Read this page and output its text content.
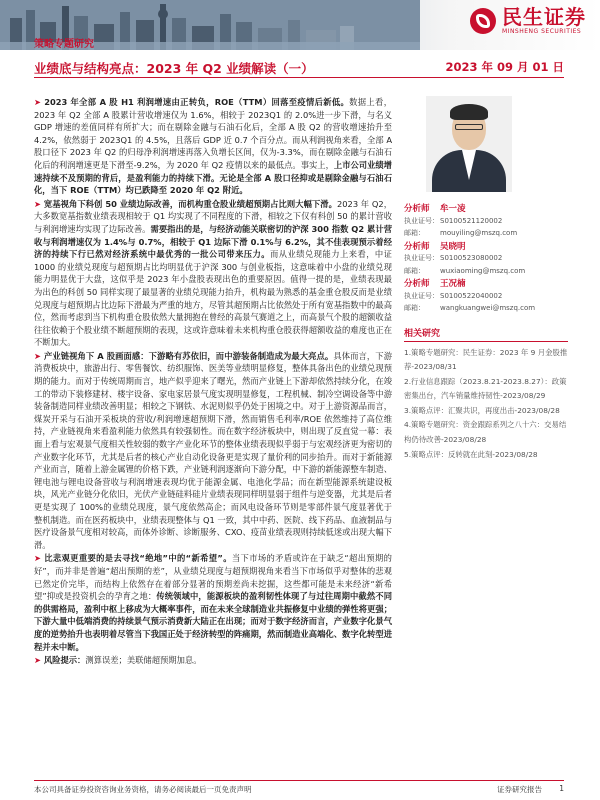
民生证券
MINSHENG SECURITIES
策略专题研究
业绩底与结构亮点：2023 年 Q2 业绩解读（一）	2023 年 09 月 01 日

➤ 2023 年全部 A 股 H1 利润增速由正转负，ROE（TTM）回落至疫情后新低。数据上看，2023 年 Q2 全部 A 股累计营收增速仅为 1.6%，相较于 2023Q1 的 2.0%进一步下滑，与名义 GDP 增速的差值同样有所扩大；而在剔除金融与石油石化后，全部 A 股 Q2 的营收增速抬升至 4.2%，依然弱于 2023Q1 的 4.5%，且落后 GDP 近 0.7 个百分点。而从利润视角来看，全部 A 股口径下 2023 年 Q2 的归母净利润增速再落入负增长区间，仅为-3.3%，而在剔除金融与石油石化后的利润增速更是下滑至-9.2%，为 2020 年 Q2 疫情以来的最低点。事实上，上市公司业绩增速持续不及预期的背后，是盈利能力的持续下滑。无论是全部 A 股口径抑或是剔除金融与石油石化，当下 ROE（TTM）均已跌降至 2020 年 Q2 附近。

➤ 宽基视角下科创 50 业绩边际改善，而机构重仓股业绩超预期占比则大幅下滑。2023 年 Q2，大多数宽基指数业绩表现相较于 Q1 均实现了不同程度的下滑，相较之下仅有科创 50 的累计营收与利润增速均实现了边际改善。需要指出的是，与经济动能关联密切的沪深 300 指数 Q2 累计营收与利润增速仅为 1.4%与 0.7%，相较于 Q1 边际下滑 0.1%与 6.2%，其不佳表现预示着经济的持续下行已然对经济系统中最优秀的一批公司带来压力。而从业绩兑现能力上来看，中证 1000 的业绩兑现度与超预期占比均明显优于沪深 300 与创业板指，这意味着中小盘的业绩兑现能力明显优于大盘，这似乎是 2023 年小盘股表现出色的重要原因。值得一提的是，业绩表现最为出色的科创 50 同样实现了最显著的业绩兑现能力抬升，机构最为熟悉的基金重仓股反而是业绩兑现度与超预期占比边际下滑最为严重的地方，尽管其超预期占比依然处于所有宽基指数中的最高位，然而考虑到当下机构重仓股依然大量拥抱在曾经的高景气赛道之上，而高景气个股的超额收益往往依赖于个股业绩不断超预期的表现，这或许意味着未来机构重仓股获得超额收益的难度也正在不断加大。

➤ 产业链视角下 A 股画面感：下游略有苏依旧，而中游装备制造成为最大亮点。具体而言，下游消费板块中，旅游出行、零售餐饮、纺织服饰、医美等业绩明显修复，整体具备出色的业绩兑现预期的能力。而对于传统周期而言，地产似乎迎来了曙光，然而产业链上下游却依然持续分化，在竣工的带动下装修建材、楼宇设备、家电家居景气度实现明显修复，工程机械、制冷空调设备等中游装备制造同样业绩改善明显；相较之下钢铁、水泥则似乎仍处于困境之中。对于上游资源品而言，煤炭开采与石油开采板块的营收/利润增速超预期下滑，然而销售毛利率/ROE 依然维持了高位维持，产业链视角来看盈利能力依然具有较强韧性。而在数字经济板块中，则出现了反直觉一幕：表面上看与宏观景气度相关性较弱的数字产业化环节的整体业绩表现似乎弱于与宏观经济更为密切的产业数字化环节，尤其是后者的核心产业自动化设备更是实现了量价利的同步抬升。而对于新能源产业而言，随着上游金属锂的价格下跌，产业链利润逐渐向下游分配，中下游的新能源整车制造、锂电池与锂电设备营收与利润增速表现均优于能源金属、电池化学品；而在新型能源系统建设板块，风光产业链分化依旧，光伏产业链硅料硅片业绩表现同样明显弱于组件与逆变器，尤其是后者更是实现了 100%的业绩兑现度，景气度依然高企；而风电设备环节则是零部件景气度显著优于整机制造。而在医药板块中，业绩表现整体与 Q1 一致，其中中药、医院、线下药品、血液制品与医疗设备景气度相对较高，而体外诊断、诊断服务、CXO、疫苗业绩表现则持续低迷或出现大幅下滑。

➤ 比悲观更重要的是去寻找“绝地”中的“新希望”。当下市场的矛盾或许在于缺乏“超出预期的好”，而并非是普遍“超出预期的差”，从业绩兑现度与超预期视角来看当下市场似乎对整体的悲观已然定价完毕，而结构上依然存在着部分显著的预期差尚未挖掘，这些都可能是未来经济“新希望”抑或是投资机会的孕育之地：传统领域中，能源板块的盈利韧性体现了与过往周期中截然不同的供需格局，盈利中枢上移成为大概率事件，而在未来全球制造业共振修复中业绩的弹性将更强；下游大量中低端消费的持续景气预示消费新大陆正在出现；而对于数字经济而言，产业数字化景气度的逆势抬升也表明着尽管当下我国正处于经济转型的阵痛期，然而制造业高端化、数字化转型进程并未中断。

➤ 风险提示：测算误差；美联储超预期加息。

分析师	牟一凌
执业证号： S0100521120002
邮箱：	mouyiling@mszq.com
分析师	吴晓明
执业证号： S0100523080002
邮箱：	wuxiaoming@mszq.com
分析师	王况楠
执业证号： S0100522040002
邮箱：	wangkuangwei@mszq.com
相关研究
1.策略专题研究：民生证券：2023 年 9 月金股推荐-2023/08/31
2.行业信息跟踪（2023.8.21-2023.8.27）：政策密集出台，汽车销量维持韧性-2023/08/29
3.策略点评：汇聚共识，再度出击-2023/08/28
4.策略专题研究：资金跟踪系列之八十六：交易结构仍待改善-2023/08/28
5.策略点评：反转就在此刻-2023/08/28
本公司具备证券投资咨询业务资格，请务必阅读最后一页免责声明	证券研究报告 1
